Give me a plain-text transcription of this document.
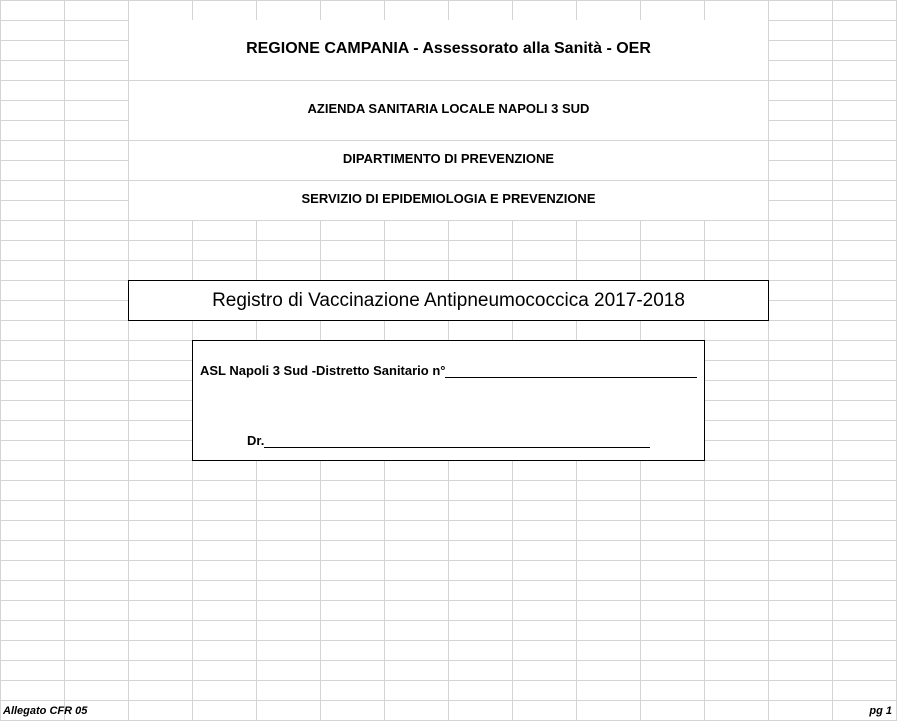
REGIONE CAMPANIA - Assessorato alla Sanità - OER
AZIENDA SANITARIA LOCALE NAPOLI 3 SUD
DIPARTIMENTO DI PREVENZIONE
SERVIZIO DI EPIDEMIOLOGIA E PREVENZIONE
Registro di Vaccinazione Antipneumococcica 2017-2018
ASL Napoli 3 Sud -Distretto Sanitario n°
Dr.
Allegato CFR 05	pg 1
